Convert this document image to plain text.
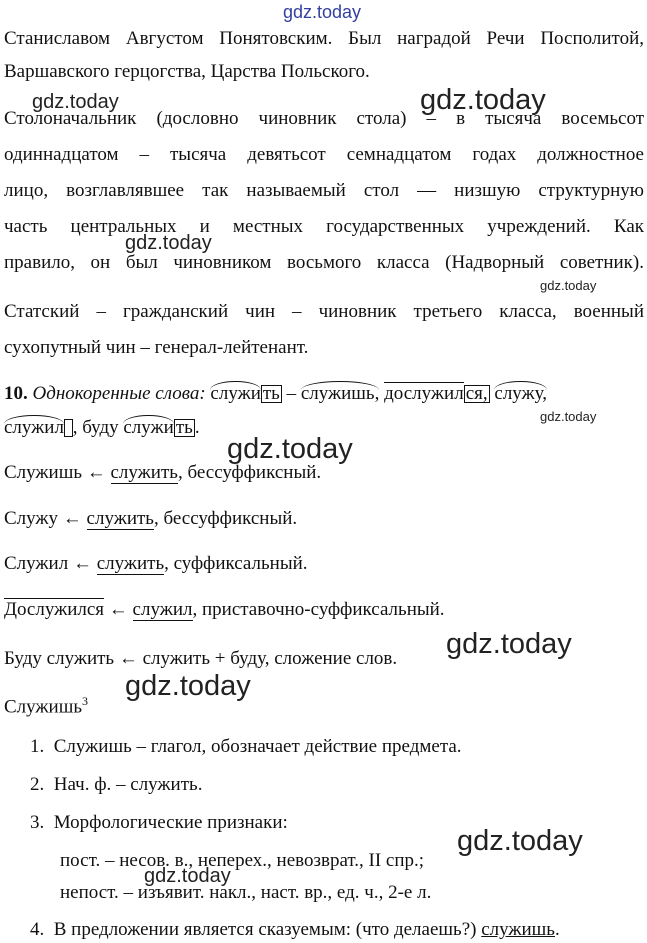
gdz.today
gdz.today	gdz.today
gdz.today
gdz.today
gdz.today
gdz.today
gdz.today
gdz.today
gdz.today
gdz.today
Станиславом Августом Понятовским. Был наградой Речи Посполитой,
Варшавского герцогства, Царства Польского.
Столоначальник (дословно чиновник стола) – в тысяча восемьсот
одиннадцатом – тысяча девятьсот семнадцатом годах должностное
лицо, возглавлявшее так называемый стол — низшую структурную
часть центральных и местных государственных учреждений. Как
правило, он был чиновником восьмого класса (Надворный советник).
Статский – гражданский чин – чиновник третьего класса, военный
сухопутный чин – генерал-лейтенант.
10. Однокоренные слова: служи ть – служишь, дослужил ся, служу,
служил , буду служи ть .
Служишь ← служить, бессуффиксный.
Служу ← служить, бессуффиксный.
Служил ← служить, суффиксальный.
Дослужился ← служил, приставочно-суффиксальный.
Буду служить ← служить + буду, сложение слов.
Служишь$^3$
1. Служишь – глагол, обозначает действие предмета.
2. Нач. ф. – служить.
3. Морфологические признаки:
пост. – несов. в., неперех., невозврат., II спр.;
непост. – изъявит. накл., наст. вр., ед. ч., 2-е л.
4. В предложении является сказуемым: (что делаешь?) служишь.
